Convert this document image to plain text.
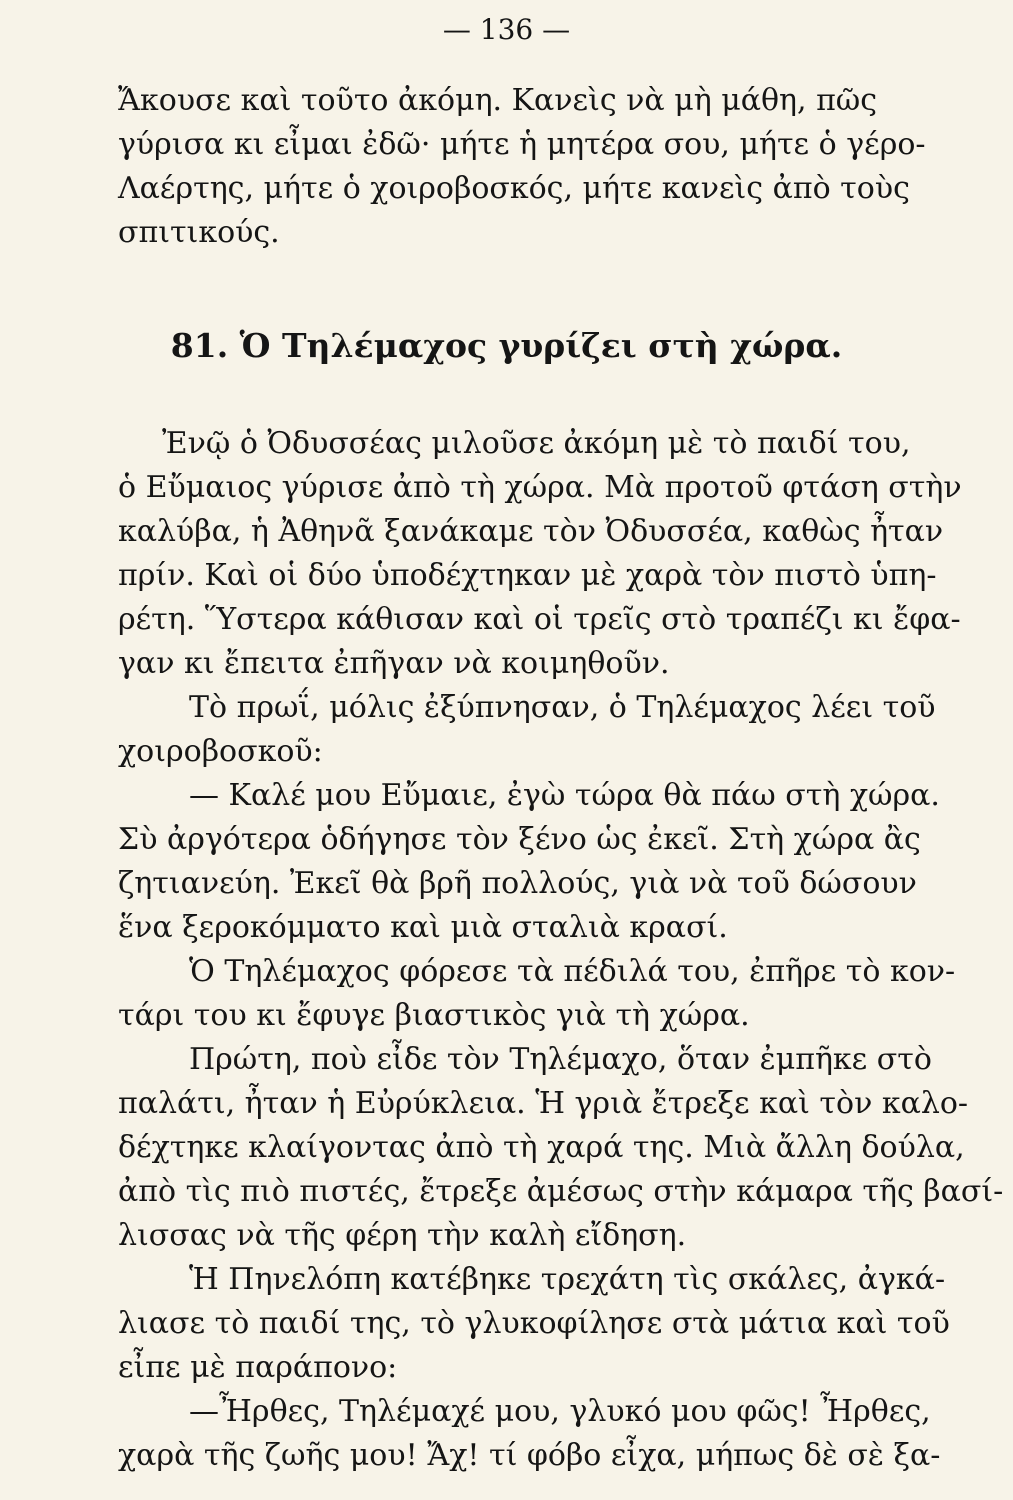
— 136 —
Ἄκουσε καὶ τοῦτο ἀκόμη. Κανεὶς νὰ μὴ μάθη, πῶς
γύρισα κι εἶμαι ἐδῶ· μήτε ἡ μητέρα σου, μήτε ὁ γέρο-
Λαέρτης, μήτε ὁ χοιροβοσκός, μήτε κανεὶς ἀπὸ τοὺς
σπιτικούς.
81. Ὁ Τηλέμαχος γυρίζει στὴ χώρα.
Ἐνῷ ὁ Ὀδυσσέας μιλοῦσε ἀκόμη μὲ τὸ παιδί του,
ὁ Εὔμαιος γύρισε ἀπὸ τὴ χώρα. Μὰ προτοῦ φτάση στὴν
καλύβα, ἡ Ἀθηνᾶ ξανάκαμε τὸν Ὀδυσσέα, καθὼς ἦταν
πρίν. Καὶ οἱ δύο ὑποδέχτηκαν μὲ χαρὰ τὸν πιστὸ ὑπη-
ρέτη. Ὕστερα κάθισαν καὶ οἱ τρεῖς στὸ τραπέζι κι ἔφα-
γαν κι ἔπειτα ἐπῆγαν νὰ κοιμηθοῦν.
Τὸ πρωΐ, μόλις ἐξύπνησαν, ὁ Τηλέμαχος λέει τοῦ
χοιροβοσκοῦ:
— Καλέ μου Εὔμαιε, ἐγὼ τώρα θὰ πάω στὴ χώρα.
Σὺ ἀργότερα ὁδήγησε τὸν ξένο ὡς ἐκεῖ. Στὴ χώρα ἂς
ζητιανεύη. Ἐκεῖ θὰ βρῆ πολλούς, γιὰ νὰ τοῦ δώσουν
ἕνα ξεροκόμματο καὶ μιὰ σταλιὰ κρασί.
Ὁ Τηλέμαχος φόρεσε τὰ πέδιλά του, ἐπῆρε τὸ κον-
τάρι του κι ἔφυγε βιαστικὸς γιὰ τὴ χώρα.
Πρώτη, ποὺ εἶδε τὸν Τηλέμαχο, ὅταν ἐμπῆκε στὸ
παλάτι, ἦταν ἡ Εὐρύκλεια. Ἡ γριὰ ἔτρεξε καὶ τὸν καλο-
δέχτηκε κλαίγοντας ἀπὸ τὴ χαρά της. Μιὰ ἄλλη δούλα,
ἀπὸ τὶς πιὸ πιστές, ἔτρεξε ἀμέσως στὴν κάμαρα τῆς βασί-
λισσας νὰ τῆς φέρη τὴν καλὴ εἴδηση.
Ἡ Πηνελόπη κατέβηκε τρεχάτη τὶς σκάλες, ἀγκά-
λιασε τὸ παιδί της, τὸ γλυκοφίλησε στὰ μάτια καὶ τοῦ
εἶπε μὲ παράπονο:
—Ἦρθες, Τηλέμαχέ μου, γλυκό μου φῶς! Ἦρθες,
χαρὰ τῆς ζωῆς μου! Ἄχ! τί φόβο εἶχα, μήπως δὲ σὲ ξα-
